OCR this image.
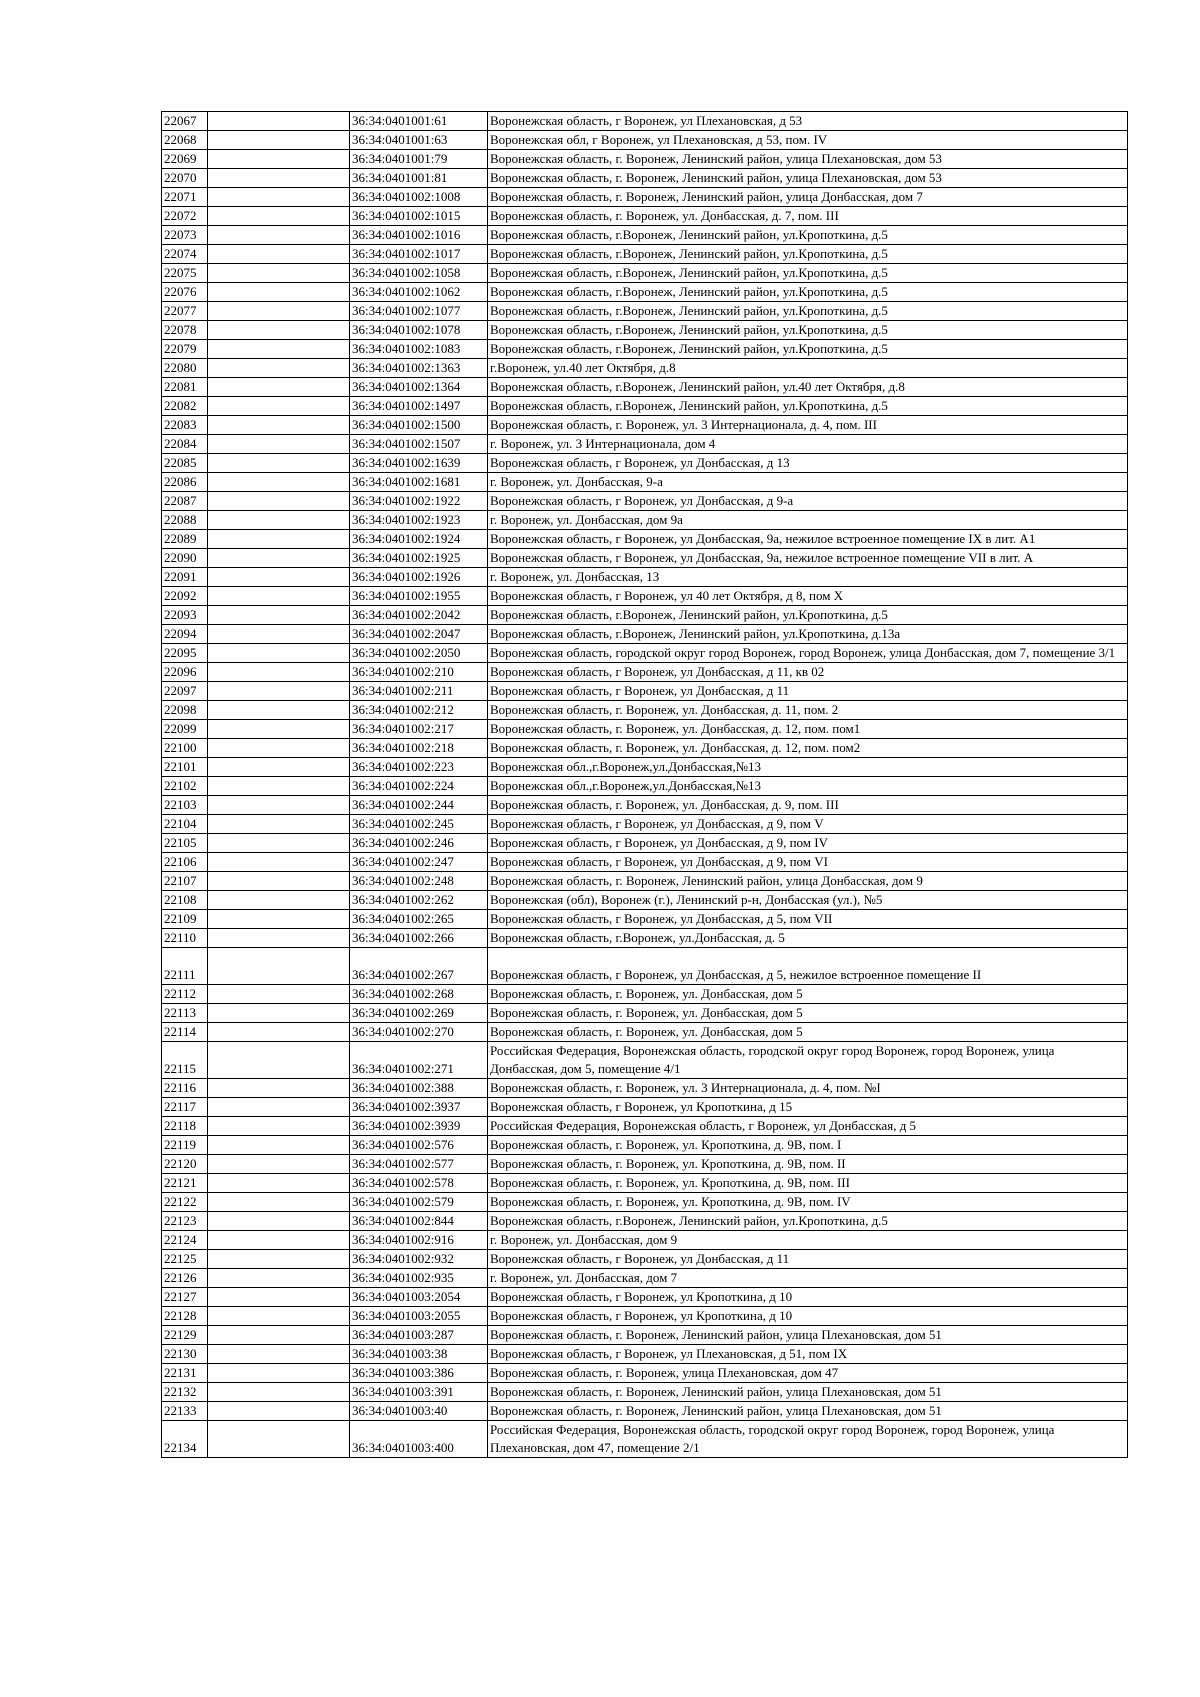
22067		36:34:0401001:61	Воронежская область, г Воронеж, ул Плехановская, д 53
22068		36:34:0401001:63	Воронежская обл, г Воронеж, ул Плехановская, д 53, пом. IV
22069		36:34:0401001:79	Воронежская область, г. Воронеж, Ленинский район, улица Плехановская, дом 53
22070		36:34:0401001:81	Воронежская область, г. Воронеж, Ленинский район, улица Плехановская, дом 53
22071		36:34:0401002:1008	Воронежская область, г. Воронеж, Ленинский район, улица Донбасская, дом 7
22072		36:34:0401002:1015	Воронежская область, г. Воронеж, ул. Донбасская, д. 7, пом. III
22073		36:34:0401002:1016	Воронежская область, г.Воронеж, Ленинский район, ул.Кропоткина, д.5
22074		36:34:0401002:1017	Воронежская область, г.Воронеж, Ленинский район, ул.Кропоткина, д.5
22075		36:34:0401002:1058	Воронежская область, г.Воронеж, Ленинский район, ул.Кропоткина, д.5
22076		36:34:0401002:1062	Воронежская область, г.Воронеж, Ленинский район, ул.Кропоткина, д.5
22077		36:34:0401002:1077	Воронежская область, г.Воронеж, Ленинский район, ул.Кропоткина, д.5
22078		36:34:0401002:1078	Воронежская область, г.Воронеж, Ленинский район, ул.Кропоткина, д.5
22079		36:34:0401002:1083	Воронежская область, г.Воронеж, Ленинский район, ул.Кропоткина, д.5
22080		36:34:0401002:1363	г.Воронеж, ул.40 лет Октября, д.8
22081		36:34:0401002:1364	Воронежская область, г.Воронеж, Ленинский район, ул.40 лет Октября, д.8
22082		36:34:0401002:1497	Воронежская область, г.Воронеж, Ленинский район, ул.Кропоткина, д.5
22083		36:34:0401002:1500	Воронежская область, г. Воронеж, ул. 3 Интернационала, д. 4, пом. III
22084		36:34:0401002:1507	г. Воронеж, ул. 3 Интернационала, дом 4
22085		36:34:0401002:1639	Воронежская область, г Воронеж, ул Донбасская, д 13
22086		36:34:0401002:1681	г. Воронеж, ул. Донбасская, 9-а
22087		36:34:0401002:1922	Воронежская область, г Воронеж, ул Донбасская, д 9-а
22088		36:34:0401002:1923	г. Воронеж, ул. Донбасская, дом 9а
22089		36:34:0401002:1924	Воронежская область, г Воронеж, ул Донбасская, 9а, нежилое встроенное помещение IX в лит. А1
22090		36:34:0401002:1925	Воронежская область, г Воронеж, ул Донбасская, 9а, нежилое встроенное помещение VII в лит. А
22091		36:34:0401002:1926	г. Воронеж, ул. Донбасская, 13
22092		36:34:0401002:1955	Воронежская область, г Воронеж, ул 40 лет Октября, д 8, пом X
22093		36:34:0401002:2042	Воронежская область, г.Воронеж, Ленинский район, ул.Кропоткина, д.5
22094		36:34:0401002:2047	Воронежская область, г.Воронеж, Ленинский район, ул.Кропоткина, д.13а
22095		36:34:0401002:2050	Воронежская область, городской округ город Воронеж, город Воронеж, улица Донбасская, дом 7, помещение 3/1
22096		36:34:0401002:210	Воронежская область, г Воронеж, ул Донбасская, д 11, кв 02
22097		36:34:0401002:211	Воронежская область, г Воронеж, ул Донбасская, д 11
22098		36:34:0401002:212	Воронежская область, г. Воронеж, ул. Донбасская, д. 11, пом. 2
22099		36:34:0401002:217	Воронежская область, г. Воронеж, ул. Донбасская, д. 12, пом. пом1
22100		36:34:0401002:218	Воронежская область, г. Воронеж, ул. Донбасская, д. 12, пом. пом2
22101		36:34:0401002:223	Воронежская обл.,г.Воронеж,ул.Донбасская,№13
22102		36:34:0401002:224	Воронежская обл.,г.Воронеж,ул.Донбасская,№13
22103		36:34:0401002:244	Воронежская область, г. Воронеж, ул. Донбасская, д. 9, пом. III
22104		36:34:0401002:245	Воронежская область, г Воронеж, ул Донбасская, д 9, пом V
22105		36:34:0401002:246	Воронежская область, г Воронеж, ул Донбасская, д 9, пом IV
22106		36:34:0401002:247	Воронежская область, г Воронеж, ул Донбасская, д 9, пом VI
22107		36:34:0401002:248	Воронежская область, г. Воронеж, Ленинский район, улица Донбасская, дом 9
22108		36:34:0401002:262	Воронежская (обл), Воронеж (г.), Ленинский р-н, Донбасская (ул.), №5
22109		36:34:0401002:265	Воронежская область, г Воронеж, ул Донбасская, д 5, пом VII
22110		36:34:0401002:266	Воронежская область, г.Воронеж, ул.Донбасская, д. 5
22111		36:34:0401002:267	Воронежская область, г Воронеж, ул Донбасская, д 5, нежилое встроенное помещение II
22112		36:34:0401002:268	Воронежская область, г. Воронеж, ул. Донбасская, дом 5
22113		36:34:0401002:269	Воронежская область, г. Воронеж, ул. Донбасская, дом 5
22114		36:34:0401002:270	Воронежская область, г. Воронеж, ул. Донбасская, дом 5
22115		36:34:0401002:271	Российская Федерация, Воронежская область, городской округ город Воронеж, город Воронеж, улица Донбасская, дом 5, помещение 4/1
22116		36:34:0401002:388	Воронежская область, г. Воронеж, ул. 3 Интернационала, д. 4, пом. №I
22117		36:34:0401002:3937	Воронежская область, г Воронеж, ул Кропоткина, д 15
22118		36:34:0401002:3939	Российская Федерация, Воронежская область, г Воронеж, ул Донбасская, д 5
22119		36:34:0401002:576	Воронежская область, г. Воронеж, ул. Кропоткина, д. 9В, пом. I
22120		36:34:0401002:577	Воронежская область, г. Воронеж, ул. Кропоткина, д. 9В, пом. II
22121		36:34:0401002:578	Воронежская область, г. Воронеж, ул. Кропоткина, д. 9В, пом. III
22122		36:34:0401002:579	Воронежская область, г. Воронеж, ул. Кропоткина, д. 9В, пом. IV
22123		36:34:0401002:844	Воронежская область, г.Воронеж, Ленинский район, ул.Кропоткина, д.5
22124		36:34:0401002:916	г. Воронеж, ул. Донбасская, дом 9
22125		36:34:0401002:932	Воронежская область, г Воронеж, ул Донбасская, д 11
22126		36:34:0401002:935	г. Воронеж, ул. Донбасская, дом 7
22127		36:34:0401003:2054	Воронежская область, г Воронеж, ул Кропоткина, д 10
22128		36:34:0401003:2055	Воронежская область, г Воронеж, ул Кропоткина, д 10
22129		36:34:0401003:287	Воронежская область, г. Воронеж, Ленинский район, улица Плехановская, дом 51
22130		36:34:0401003:38	Воронежская область, г Воронеж, ул Плехановская, д 51, пом IX
22131		36:34:0401003:386	Воронежская область, г. Воронеж, улица Плехановская, дом 47
22132		36:34:0401003:391	Воронежская область, г. Воронеж, Ленинский район, улица Плехановская, дом 51
22133		36:34:0401003:40	Воронежская область, г. Воронеж, Ленинский район, улица Плехановская, дом 51
22134		36:34:0401003:400	Российская Федерация, Воронежская область, городской округ город Воронеж, город Воронеж, улица Плехановская, дом 47, помещение 2/1
